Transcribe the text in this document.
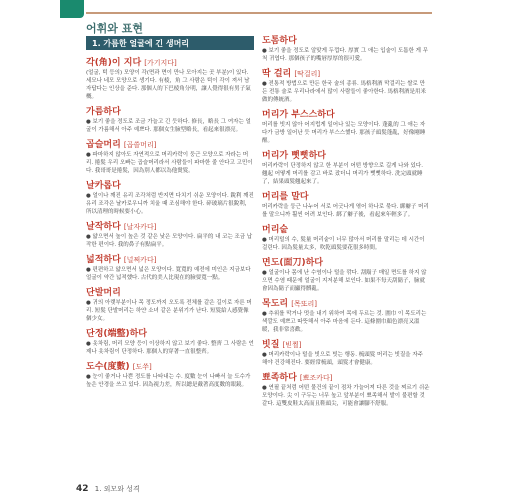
어휘와 표현
1. 가름한 얼굴에 긴 생머리
각(角)이 지다 [가기지다]
(얼굴, 턱 등의) 모양이 각(면과 면이 만나 모아지는 곳 부분)이 있다. 세모나 네모 모양으로 생기다. 有棱，角 그 사람은 턱이 각이 져서 남자답다는 인상을 준다. 那個人的下巴棱角分明，讓人覺得很有男子氣概。
가름하다
● 보기 좋을 정도로 조금 가늘고 긴 듯하다. 修長，略長 그 여자는 얼굴이 가름해서 아주 예쁘다. 那個女生臉型略長，看起來很漂亮。
곱슬머리 [곱쓸머리]
● 파마하지 않아도 자연적으로 머리카락이 둥근 모양으로 자라는 머리. 捲髮 우리 오빠는 곱슬머리라서 사람들이 파마한 줄 안다고 고민이다. 我哥哥是捲髮，因為別人都以為他燙髮。
날카롭다
● 얼이나 깨진 유리 조각처럼 반지면 다치기 쉬운 모양이다. 銳利 깨진 유리 조각은 날카로우니까 치울 때 조심해야 한다. 碎玻璃片很銳利，所以清理的時候要小心。
날작하다 [날자카다]
● 얇으면서 높이 높은 것 같은 낮은 모양이다. 扁平的 내 코는 조금 납작한 편이다. 我的鼻子有點扁平。
넓적하다 [널쩌카다]
● 편편하고 얇으면서 넓은 모양이다. 寬寬的 예전에 미인은 지금보다 얼굴이 약간 넓적했다. 古代的美人比現在的臉要寬一點。
단발머리
● 귀의 아랫부분이나 목 정도까지 오도록 전체를 같은 길이로 자른 머리. 短髮 단발머리는 하얀 소녀 같은 분위기가 난다. 短髮給人感覺像個少女。
단정(端整)하다
● 옷차림, 머리 모양 등이 이상하지 않고 보기 좋다. 整齊 그 사람은 언제나 옷차림이 단정하다. 那個人的穿著一直很整齊。
도수(度數) [도쑤]
● 눈이 좋거나 나쁜 정도를 나타내는 수. 度數 눈이 나빠서 늘 도수가 높은 안경을 쓰고 있다. 因為視力差，所以總是戴著高度數的眼鏡。
도톰하다
● 보기 좋을 정도로 알맞게 두껍다. 厚實 그 애는 입술이 도톰한 게 무척 귀엽다. 那個孩子的嘴唇厚厚的很可愛。
딱 걸리 [딱걸리]
● 전통적 방법으로 만든 한국 술의 종류. 馬格利酒 막걸리는 쌀로 만든 전통 술로 우리나라에서 많이 사람들이 좋아한다. 馬格利酒是用米做的傳統酒。
머리가 부스스하다
머리를 빗지 않아 어지럽게 일어나 있는 모양이다. 蓬亂的 그 애는 자다가 금방 일어난 듯 머리가 부스스했다. 那孩子頭髮蓬亂，好像剛睡醒。
머리가 뻣뻣하다
머리카락이 단정하지 않고 한 부분이 어떤 방향으로 길게 나와 있다. 翹起 어떻게 머리를 감고 바로 잤더니 머리가 뻣뻣하다. 洗完頭就睡了，結果頭髮翹起來了。
머리를 말다
머리카락을 둥근 나누어 서로 어긋나게 엮어 하나로 묶다. 綁辮子 머리를 말으니까 훨씬 어려 보인다. 綁了辮子後，看起來年輕多了。
머리숱
● 머리털의 수, 髮量 머리숱이 너무 많아서 머리를 말리는 데 시간이 걸린다. 因為髮量太多，吹乾頭髮要花很多時間。
면도(面刀)하다
● 얼굴이나 몸에 난 수염이나 털을 깎다. 刮鬍子 매일 면도를 하지 않으면 수염 때문에 얼굴이 지저분해 보인다. 如果不每天刮鬍子，臉就會因為鬍子而顯得髒亂。
목도리 [목또리]
● 추위를 막거나 멋을 내기 위하여 목에 두르는 것. 圍巾 이 목도리는 색깔도 예쁘고 따뜻해서 아주 마음에 든다. 這條圍巾顏色漂亮又溫暖，我非常喜歡。
빗질 [빋찔]
● 머리카락이나 털을 빗으로 빗는 행동. 梳頭髮 머리는 빗질을 자주 해야 건강해진다. 要經常梳頭，頭髮才會健康。
뾰족하다 [뾰조카다]
● 연필 끝처럼 어떤 물건의 끝이 점차 가늘어져 다른 것을 찌르기 쉬운 모양이다. 尖 이 구두는 너무 높고 앞부분이 뾰족해서 발이 불편할 것 같다. 這雙皮鞋太高而且鞋頭尖，可能會讓腳不舒服。
42 1. 외모와 성격
